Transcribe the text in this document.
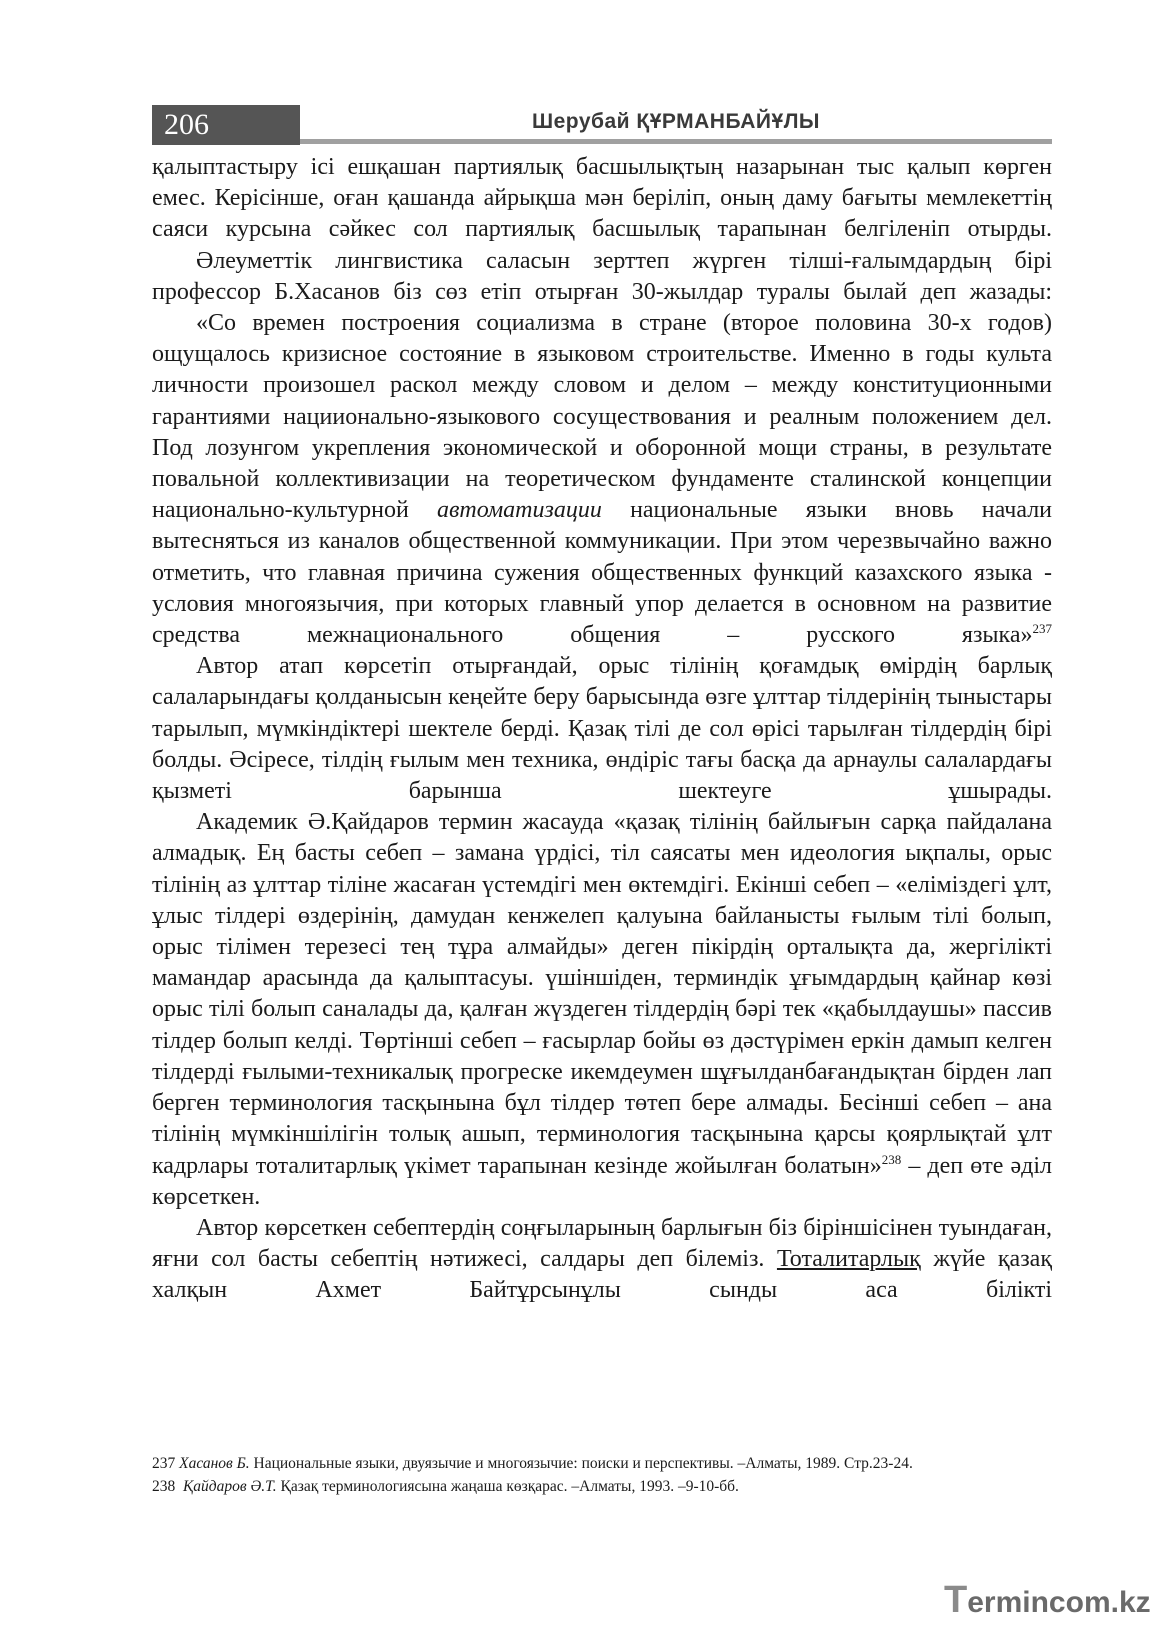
206	Шерубай ҚҰРМАНБАЙҰЛЫ

қалыптастыру ісі ешқашан партиялық басшылықтың назарынан тыс қалып көрген емес. Керісінше, оған қашанда айрықша мән беріліп, оның даму бағыты мемлекеттің саяси курсына сәйкес сол партиялық басшылық тарапынан белгіленіп отырды.

Әлеуметтік лингвистика саласын зерттеп жүрген тілші-ғалымдардың бірі профессор Б.Хасанов біз сөз етіп отырған 30-жылдар туралы былай деп жазады:

«Со времен построения социализма в стране (второе половина 30-х годов) ощущалось кризисное состояние в языковом строительстве. Именно в годы культа личности произошел раскол между словом и делом – между конституционными гарантиями нациионально-языкового сосуществования и реалным положением дел. Под лозунгом укрепления экономической и оборонной мощи страны, в результате повальной коллективизации на теоретическом фундаменте сталинской концепции национально-культурной автоматизации национальные языки вновь начали вытесняться из каналов общественной коммуникации. При этом черезвычайно важно отметить, что главная причина сужения общественных функций казахского языка - условия многоязычия, при которых главный упор делается в основном на развитие средства межнационального общения – русского языка»$^{237}$

Автор атап көрсетіп отырғандай, орыс тілінің қоғамдық өмірдің барлық салаларындағы қолданысын кеңейте беру барысында өзге ұлттар тілдерінің тыныстары тарылып, мүмкіндіктері шектеле берді. Қазақ тілі де сол өрісі тарылған тілдердің бірі болды. Әсіресе, тілдің ғылым мен техника, өндіріс тағы басқа да арнаулы салалардағы қызметі барынша шектеуге ұшырады.

Академик Ә.Қайдаров термин жасауда «қазақ тілінің байлығын сарқа пайдалана алмадық. Ең басты себеп – замана үрдісі, тіл саясаты мен идеология ықпалы, орыс тілінің аз ұлттар тіліне жасаған үстемдігі мен өктемдігі. Екінші себеп – «еліміздегі ұлт, ұлыс тілдері өздерінің, дамудан кенжелеп қалуына байланысты ғылым тілі болып, орыс тілімен терезесі тең тұра алмайды» деген пікірдің орталықта да, жергілікті мамандар арасында да қалыптасуы. үшіншіден, терминдік ұғымдардың қайнар көзі орыс тілі болып саналады да, қалған жүздеген тілдердің бәрі тек «қабылдаушы» пассив тілдер болып келді. Төртінші себеп – ғасырлар бойы өз дәстүрімен еркін дамып келген тілдерді ғылыми-техникалық прогреске икемдеумен шұғылданбағандықтан бірден лап берген терминология тасқынына бұл тілдер төтеп бере алмады. Бесінші себеп – ана тілінің мүмкіншілігін толық ашып, терминология тасқынына қарсы қоярлықтай ұлт кадрлары тоталитарлық үкімет тарапынан кезінде жойылған болатын»$^{238}$ – деп өте әділ көрсеткен.

Автор көрсеткен себептердің соңғыларының барлығын біз біріншісінен туындаған, яғни сол басты себептің нәтижесі, салдары деп білеміз. Тоталитарлық жүйе қазақ халқын Ахмет Байтұрсынұлы сынды аса білікті

237 Хасанов Б. Национальные языки, двуязычие и многоязычие: поиски и перспективы. –Алматы, 1989. Стр.23-24.

238 Қайдаров Ә.Т. Қазақ терминологиясына жаңаша көзқарас. –Алматы, 1993. –9-10-бб.

Termincom.kz
